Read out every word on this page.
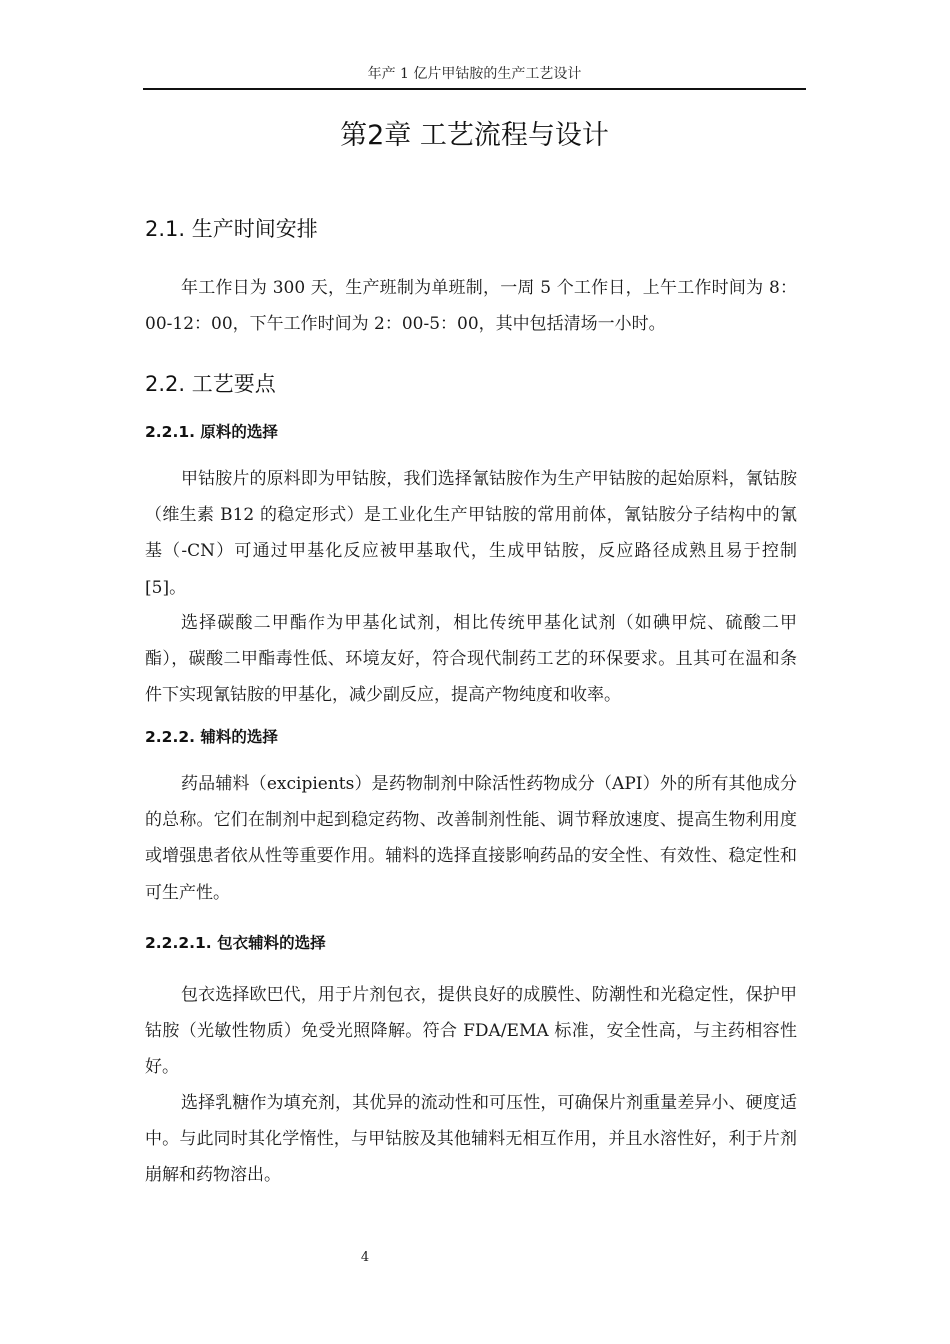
年产 1 亿片甲钴胺的生产工艺设计
第2章 工艺流程与设计
2.1. 生产时间安排

年工作日为 300 天，生产班制为单班制，一周 5 个工作日，上午工作时间为 8：00-12：00，下午工作时间为 2：00-5：00，其中包括清场一小时。

2.2. 工艺要点
2.2.1. 原料的选择

甲钴胺片的原料即为甲钴胺，我们选择氰钴胺作为生产甲钴胺的起始原料，氰钴胺（维生素 B12 的稳定形式）是工业化生产甲钴胺的常用前体，氰钴胺分子结构中的氰基（-CN）可通过甲基化反应被甲基取代，生成甲钴胺，反应路径成熟且易于控制[5]。

选择碳酸二甲酯作为甲基化试剂，相比传统甲基化试剂（如碘甲烷、硫酸二甲酯），碳酸二甲酯毒性低、环境友好，符合现代制药工艺的环保要求。且其可在温和条件下实现氰钴胺的甲基化，减少副反应，提高产物纯度和收率。

2.2.2. 辅料的选择

药品辅料（excipients）是药物制剂中除活性药物成分（API）外的所有其他成分的总称。它们在制剂中起到稳定药物、改善制剂性能、调节释放速度、提高生物利用度或增强患者依从性等重要作用。辅料的选择直接影响药品的安全性、有效性、稳定性和可生产性。

2.2.2.1. 包衣辅料的选择

包衣选择欧巴代，用于片剂包衣，提供良好的成膜性、防潮性和光稳定性，保护甲钴胺（光敏性物质）免受光照降解。符合 FDA/EMA 标准，安全性高，与主药相容性好。

选择乳糖作为填充剂，其优异的流动性和可压性，可确保片剂重量差异小、硬度适中。与此同时其化学惰性，与甲钴胺及其他辅料无相互作用，并且水溶性好，利于片剂崩解和药物溶出。

4
